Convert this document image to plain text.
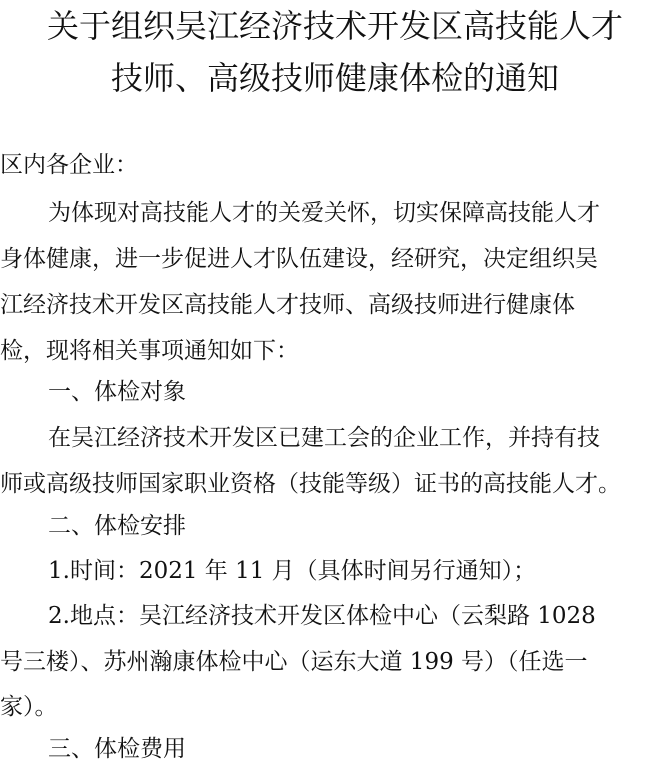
关于组织吴江经济技术开发区高技能人才
技师、高级技师健康体检的通知
区内各企业：
为体现对高技能人才的关爱关怀，切实保障高技能人才
身体健康，进一步促进人才队伍建设，经研究，决定组织吴
江经济技术开发区高技能人才技师、高级技师进行健康体
检，现将相关事项通知如下：
一、体检对象
在吴江经济技术开发区已建工会的企业工作，并持有技
师或高级技师国家职业资格（技能等级）证书的高技能人才。
二、体检安排
1.时间：2021 年 11 月（具体时间另行通知）；
2.地点：吴江经济技术开发区体检中心（云梨路 1028
号三楼）、苏州瀚康体检中心（运东大道 199 号）（任选一
家）。
三、体检费用
